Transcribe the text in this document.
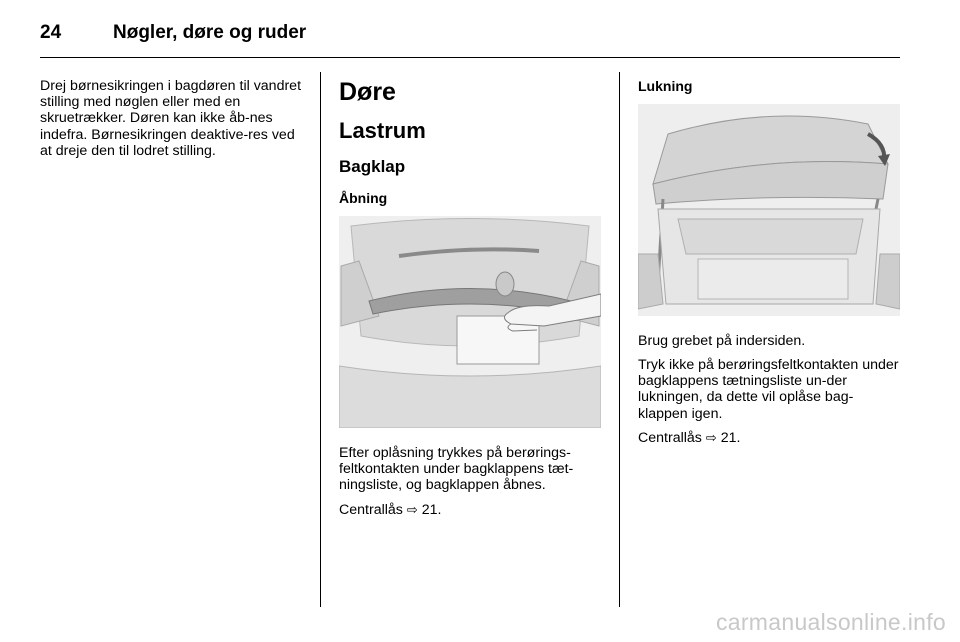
24	Nøgler, døre og ruder

Drej børnesikringen i bagdøren til vandret stilling med nøglen eller med en skruetrækker. Døren kan ikke åb-nes indefra. Børnesikringen deaktive-res ved at dreje den til lodret stilling.

Døre
Lastrum
Bagklap
Åbning

Efter oplåsning trykkes på berørings-feltkontakten under bagklappens tæt-ningsliste, og bagklappen åbnes.

Centrallås ⇨ 21.

Lukning

Brug grebet på indersiden.

Tryk ikke på berøringsfeltkontakten under bagklappens tætningsliste un-der lukningen, da dette vil oplåse bag-klappen igen.

Centrallås ⇨ 21.

carmanualsonline.info
